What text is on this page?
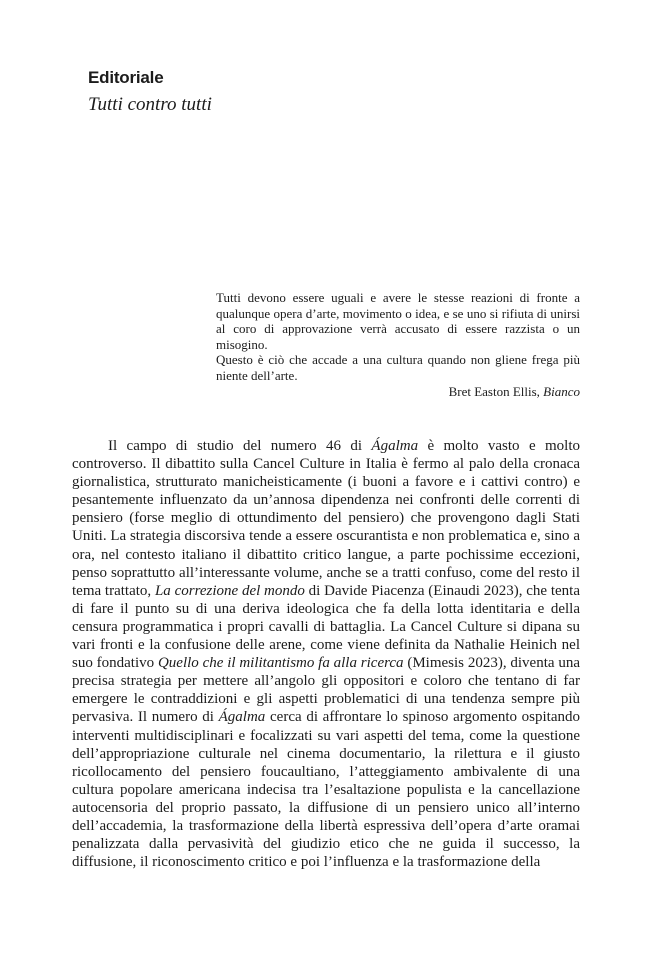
Editoriale
Tutti contro tutti

Tutti devono essere uguali e avere le stesse reazioni di fronte a qualunque opera d’arte, movimento o idea, e se uno si rifiuta di unirsi al coro di approvazione verrà accusato di essere razzista o un misogino.

Questo è ciò che accade a una cultura quando non gliene frega più niente dell’arte.

Bret Easton Ellis, Bianco

Il campo di studio del numero 46 di Ágalma è molto vasto e molto controverso. Il dibattito sulla Cancel Culture in Italia è fermo al palo della cronaca giornalistica, strutturato manicheisticamente (i buoni a favore e i cattivi contro) e pesantemente influenzato da un’annosa dipendenza nei confronti delle correnti di pensiero (forse meglio di ottundimento del pensiero) che provengono dagli Stati Uniti. La strategia discorsiva tende a essere oscurantista e non problematica e, sino a ora, nel contesto italiano il dibattito critico langue, a parte pochissime eccezioni, penso soprattutto all’interessante volume, anche se a tratti confuso, come del resto il tema trattato, La correzione del mondo di Davide Piacenza (Einaudi 2023), che tenta di fare il punto su di una deriva ideologica che fa della lotta identitaria e della censura programmatica i propri cavalli di battaglia. La Cancel Culture si dipana su vari fronti e la confusione delle arene, come viene definita da Nathalie Heinich nel suo fondativo Quello che il militantismo fa alla ricerca (Mimesis 2023), diventa una precisa strategia per mettere all’angolo gli oppositori e coloro che tentano di far emergere le contraddizioni e gli aspetti problematici di una tendenza sempre più pervasiva. Il numero di Ágalma cerca di affrontare lo spinoso argomento ospitando interventi multidisciplinari e focalizzati su vari aspetti del tema, come la questione dell’appropriazione culturale nel cinema documentario, la rilettura e il giusto ricollocamento del pensiero foucaultiano, l’atteggiamento ambivalente di una cultura popolare americana indecisa tra l’esaltazione populista e la cancellazione autocensoria del proprio passato, la diffusione di un pensiero unico all’interno dell’accademia, la trasformazione della libertà espressiva dell’opera d’arte oramai penalizzata dalla pervasività del giudizio etico che ne guida il successo, la diffusione, il riconoscimento critico e poi l’influenza e la trasformazione della
